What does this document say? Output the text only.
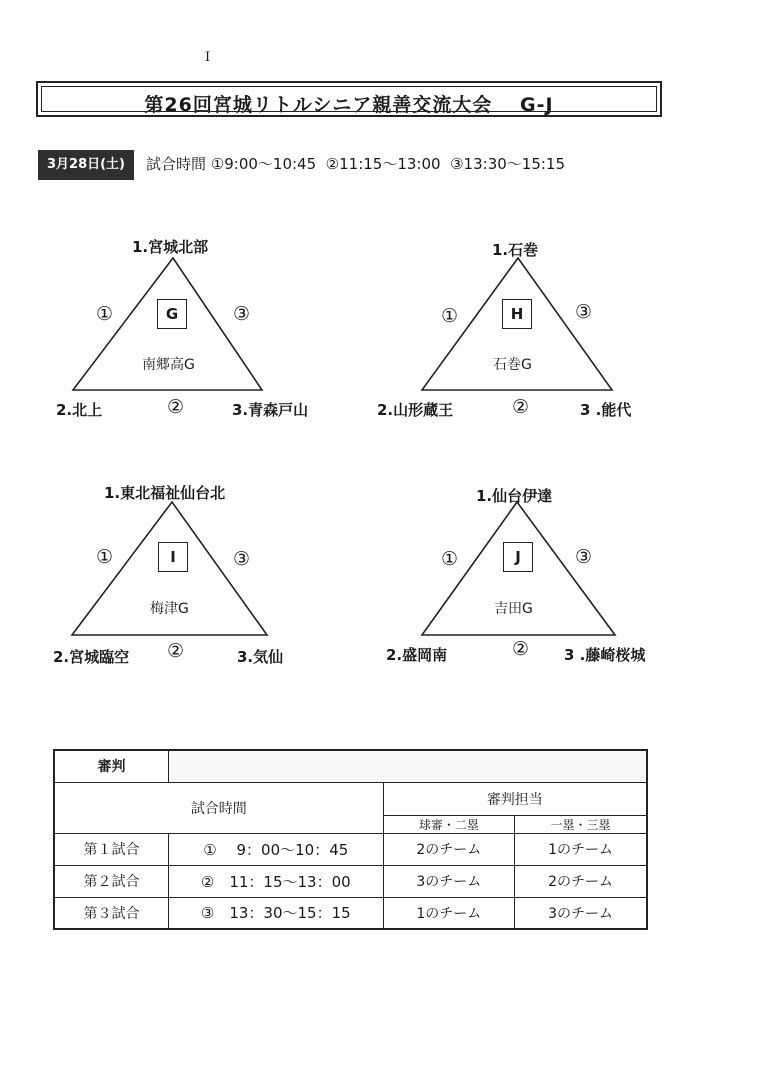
I
第26回宮城リトルシニア親善交流大会　 G‐J
3月28日(土)	試合時間 ①9:00～10:45  ②11:15～13:00  ③13:30～15:15
1.宮城北部
2.北上	3.青森戸山
①	③
②
G
南郷高G
1.石巻
2.山形蔵王	3 .能代
①	③
②
H
石巻G
1.東北福祉仙台北
2.宮城臨空	3.気仙
①	③
②
I
梅津G
1.仙台伊達
2.盛岡南	3 .藤崎桜城
①	③
②
J
吉田G
審判			
試合時間		審判担当	
		球審・二塁	一塁・三塁
第１試合	①　 9：00～10：45	2のチーム	1のチーム
第２試合	②　11：15～13：00	3のチーム	2のチーム
第３試合	③　13：30～15：15	1のチーム	3のチーム
